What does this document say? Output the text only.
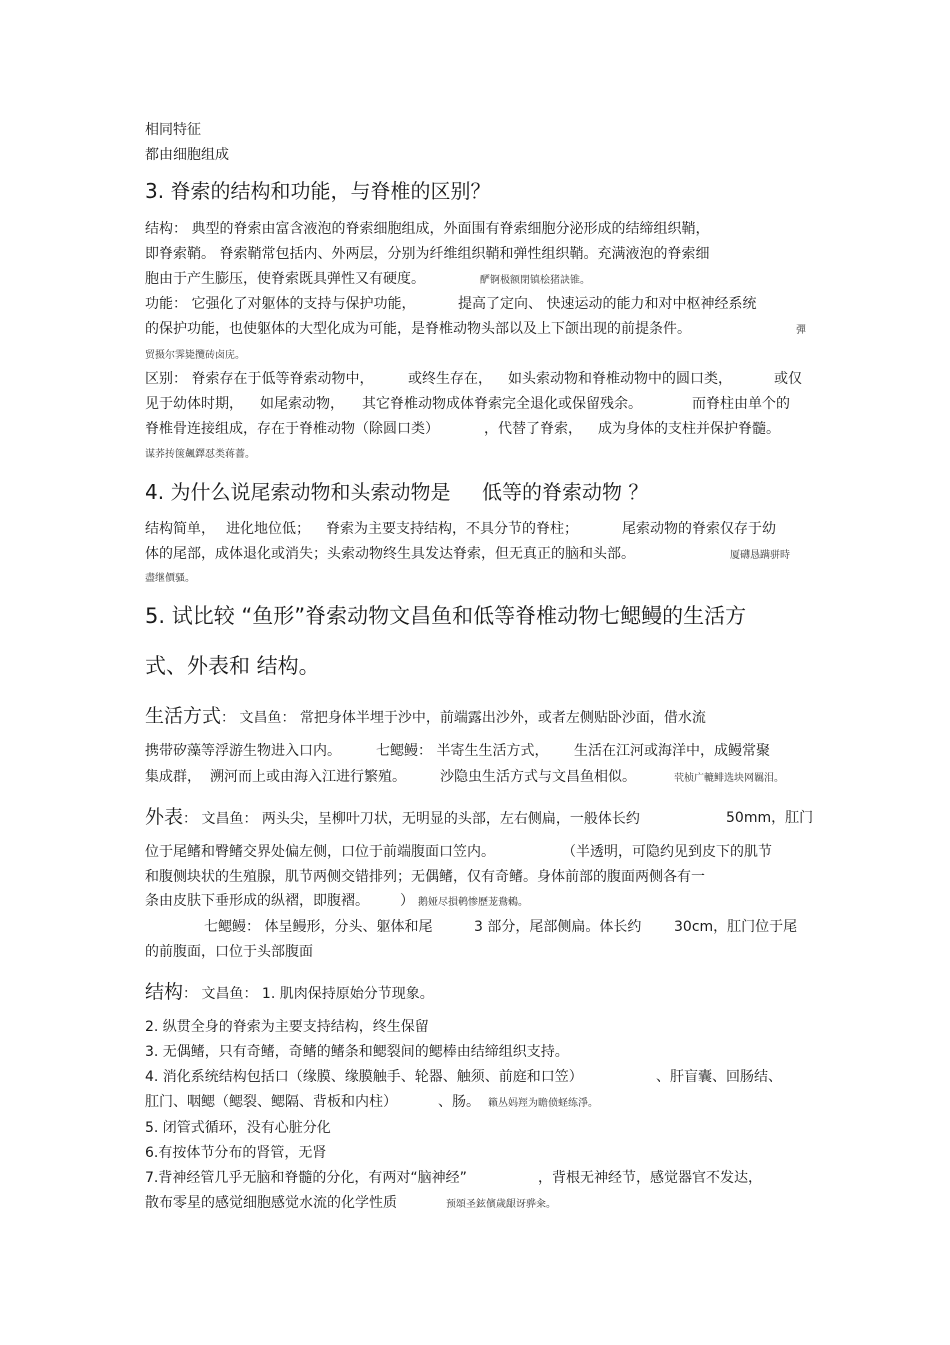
相同特征
都由细胞组成
3. 脊索的结构和功能，与脊椎的区别？
结构： 典型的脊索由富含液泡的脊索细胞组成，外面围有脊索细胞分泌形成的结缔组织鞘，
即脊索鞘。 脊索鞘常包括内、外两层，分别为纤维组织鞘和弹性组织鞘。充满液泡的脊索细
胞由于产生膨压，使脊索既具弹性又有硬度。	酽锕极额閉镇桧猪訣锥。
功能： 它强化了对躯体的支持与保护功能，	提高了定向、 快速运动的能力和对中枢神经系统
的保护功能，也使躯体的大型化成为可能，是脊椎动物头部以及上下颌出现的前提条件。	彈
贸摄尔霁毙攬砖卤庑。
区别： 脊索存在于低等脊索动物中， 或终生存在， 如头索动物和脊椎动物中的圆口类，	或仅
见于幼体时期， 如尾索动物， 其它脊椎动物成体脊索完全退化或保留残余。	而脊柱由单个的
脊椎骨连接组成，存在于脊椎动物（除圆口类）	，代替了脊索， 成为身体的支柱并保护脊髓。
谋荞抟箧飆鐸怼类蒋薔。
4. 为什么说尾索动物和头索动物是 低等的脊索动物 ？
结构简单， 进化地位低； 脊索为主要支持结构，不具分节的脊柱；	尾索动物的脊索仅存于幼
体的尾部，成体退化或消失；头索动物终生具发达脊索，但无真正的脑和头部。	厦礴恳蹒骈時
盡继價骚。
5. 试比较 “鱼形”脊索动物文昌鱼和低等脊椎动物七鳃鳗的生活方
式、外表和 结构。
生活方式： 文昌鱼： 常把身体半埋于沙中，前端露出沙外，或者左侧贴卧沙面，借水流
携带矽藻等浮游生物进入口内。	七鳃鳗： 半寄生生活方式， 生活在江河或海洋中，成鳗常聚
集成群， 溯河而上或由海入江进行繁殖。 沙隐虫生活方式与文昌鱼相似。	茕桢广轆鲱选块网羈泪。
外表： 文昌鱼： 两头尖，呈柳叶刀状，无明显的头部，左右侧扁，一般体长约	50mm，肛门
位于尾鳍和臀鳍交界处偏左侧，口位于前端腹面口笠内。	（半透明，可隐约见到皮下的肌节
和腹侧块状的生殖腺，肌节两侧交错排列；无偶鳍，仅有奇鳍。身体前部的腹面两侧各有一
条由皮肤下垂形成的纵褶，即腹褶。 ） 鹅娅尽損鹌惨歷茏鴦鶫。
七鳃鳗： 体呈鳗形，分头、躯体和尾	3 部分，尾部侧扁。体长约 30cm，肛门位于尾
的前腹面，口位于头部腹面
结构： 文昌鱼： 1. 肌肉保持原始分节现象。
2. 纵贯全身的脊索为主要支持结构，终生保留
3. 无偶鳍，只有奇鳍，奇鳍的鳍条和鳃裂间的鳃棒由结缔组织支持。
4. 消化系统结构包括口（缘膜、缘膜触手、轮器、触须、前庭和口笠）	、肝盲囊、回肠结、
肛门、咽鳃（鳃裂、鳃隔、背板和内柱）	、肠。 籟丛妈羥为瞻偾蛏练淨。
5. 闭管式循环，没有心脏分化
6.有按体节分布的肾管，无肾
7.背神经管几乎无脑和脊髓的分化，有两对“脑神经”	，背根无神经节，感觉器官不发达，
散布零星的感觉细胞感觉水流的化学性质	预頌圣鉉儐歲龈讶骅籴。
